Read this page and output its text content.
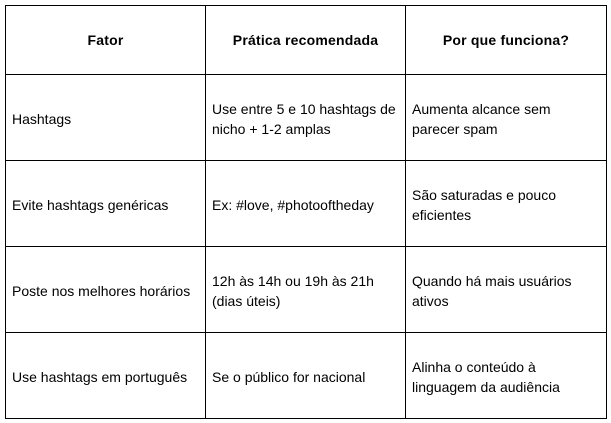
Fator	Prática recomendada	Por que funciona?
Hashtags	Use entre 5 e 10 hashtags de nicho + 1-2 amplas	Aumenta alcance sem parecer spam
Evite hashtags genéricas	Ex: #love, #photooftheday	São saturadas e pouco eficientes
Poste nos melhores horários	12h às 14h ou 19h às 21h (dias úteis)	Quando há mais usuários ativos
Use hashtags em português	Se o público for nacional	Alinha o conteúdo à linguagem da audiência
